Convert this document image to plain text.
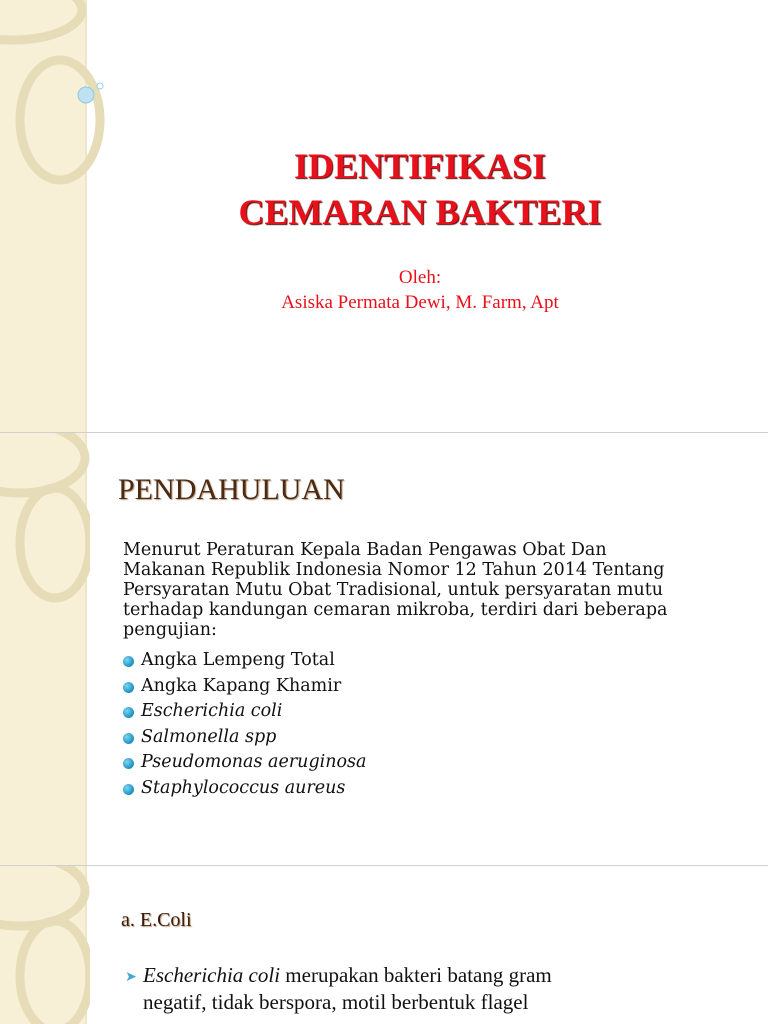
IDENTIFIKASI
CEMARAN BAKTERI
Oleh:
Asiska Permata Dewi, M. Farm, Apt
PENDAHULUAN
Menurut Peraturan Kepala Badan Pengawas Obat Dan
Makanan Republik Indonesia Nomor 12 Tahun 2014 Tentang
Persyaratan Mutu Obat Tradisional, untuk persyaratan mutu
terhadap kandungan cemaran mikroba, terdiri dari beberapa
pengujian:
Angka Lempeng Total
Angka Kapang Khamir
Escherichia coli
Salmonella spp
Pseudomonas aeruginosa
Staphylococcus aureus
a. E.Coli
➤ Escherichia coli merupakan bakteri batang gram
negatif, tidak berspora, motil berbentuk flagel
